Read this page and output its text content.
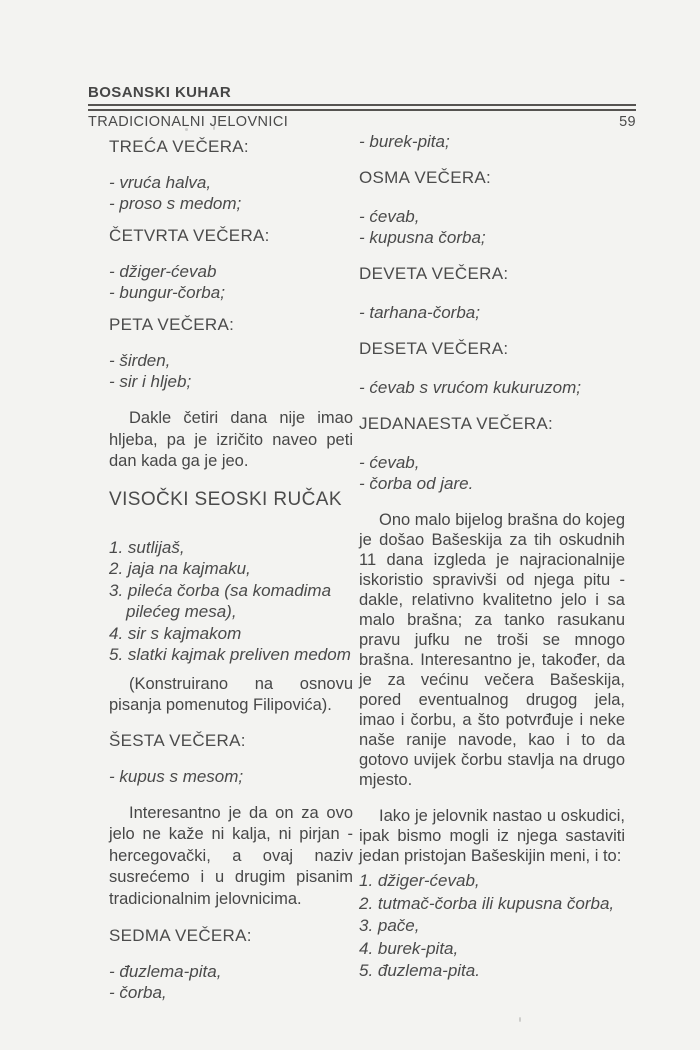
BOSANSKI KUHAR
TRADICIONALNI JELOVNICI	59
TREĆA VEČERA:
- vruća halva,
- proso s medom;
ČETVRTA VEČERA:
- džiger-ćevab
- bungur-čorba;
PETA VEČERA:
- širden,
- sir i hljeb;

Dakle četiri dana nije imao hljeba, pa je izričito naveo peti dan kada ga je jeo.

VISOČKI SEOSKI RUČAK
1. sutlijaš,
2. jaja na kajmaku,
3. pileća čorba (sa komadima pilećeg mesa),
4. sir s kajmakom
5. slatki kajmak preliven medom

(Konstruirano na osnovu pisanja pomenutog Filipovića).

ŠESTA VEČERA:
- kupus s mesom;

Interesantno je da on za ovo jelo ne kaže ni kalja, ni pirjan - hercegovački, a ovaj naziv susrećemo i u drugim pisanim tradicionalnim jelovnicima.

SEDMA VEČERA:
- đuzlema-pita,
- čorba,
- burek-pita;
OSMA VEČERA:
- ćevab,
- kupusna čorba;
DEVETA VEČERA:
- tarhana-čorba;
DESETA VEČERA:
- ćevab s vrućom kukuruzom;
JEDANAESTA VEČERA:
- ćevab,
- čorba od jare.

Ono malo bijelog brašna do kojeg je došao Bašeskija za tih oskudnih 11 dana izgleda je najracionalnije iskoristio spravivši od njega pitu - dakle, relativno kvalitetno jelo i sa malo brašna; za tanko rasukanu pravu jufku ne troši se mnogo brašna. Interesantno je, također, da je za većinu večera Bašeskija, pored eventualnog drugog jela, imao i čorbu, a što potvrđuje i neke naše ranije navode, kao i to da gotovo uvijek čorbu stavlja na drugo mjesto.

Iako je jelovnik nastao u oskudici, ipak bismo mogli iz njega sastaviti jedan pristojan Bašeskijin meni, i to:

1. džiger-ćevab,
2. tutmač-čorba ili kupusna čorba,
3. pače,
4. burek-pita,
5. đuzlema-pita.
